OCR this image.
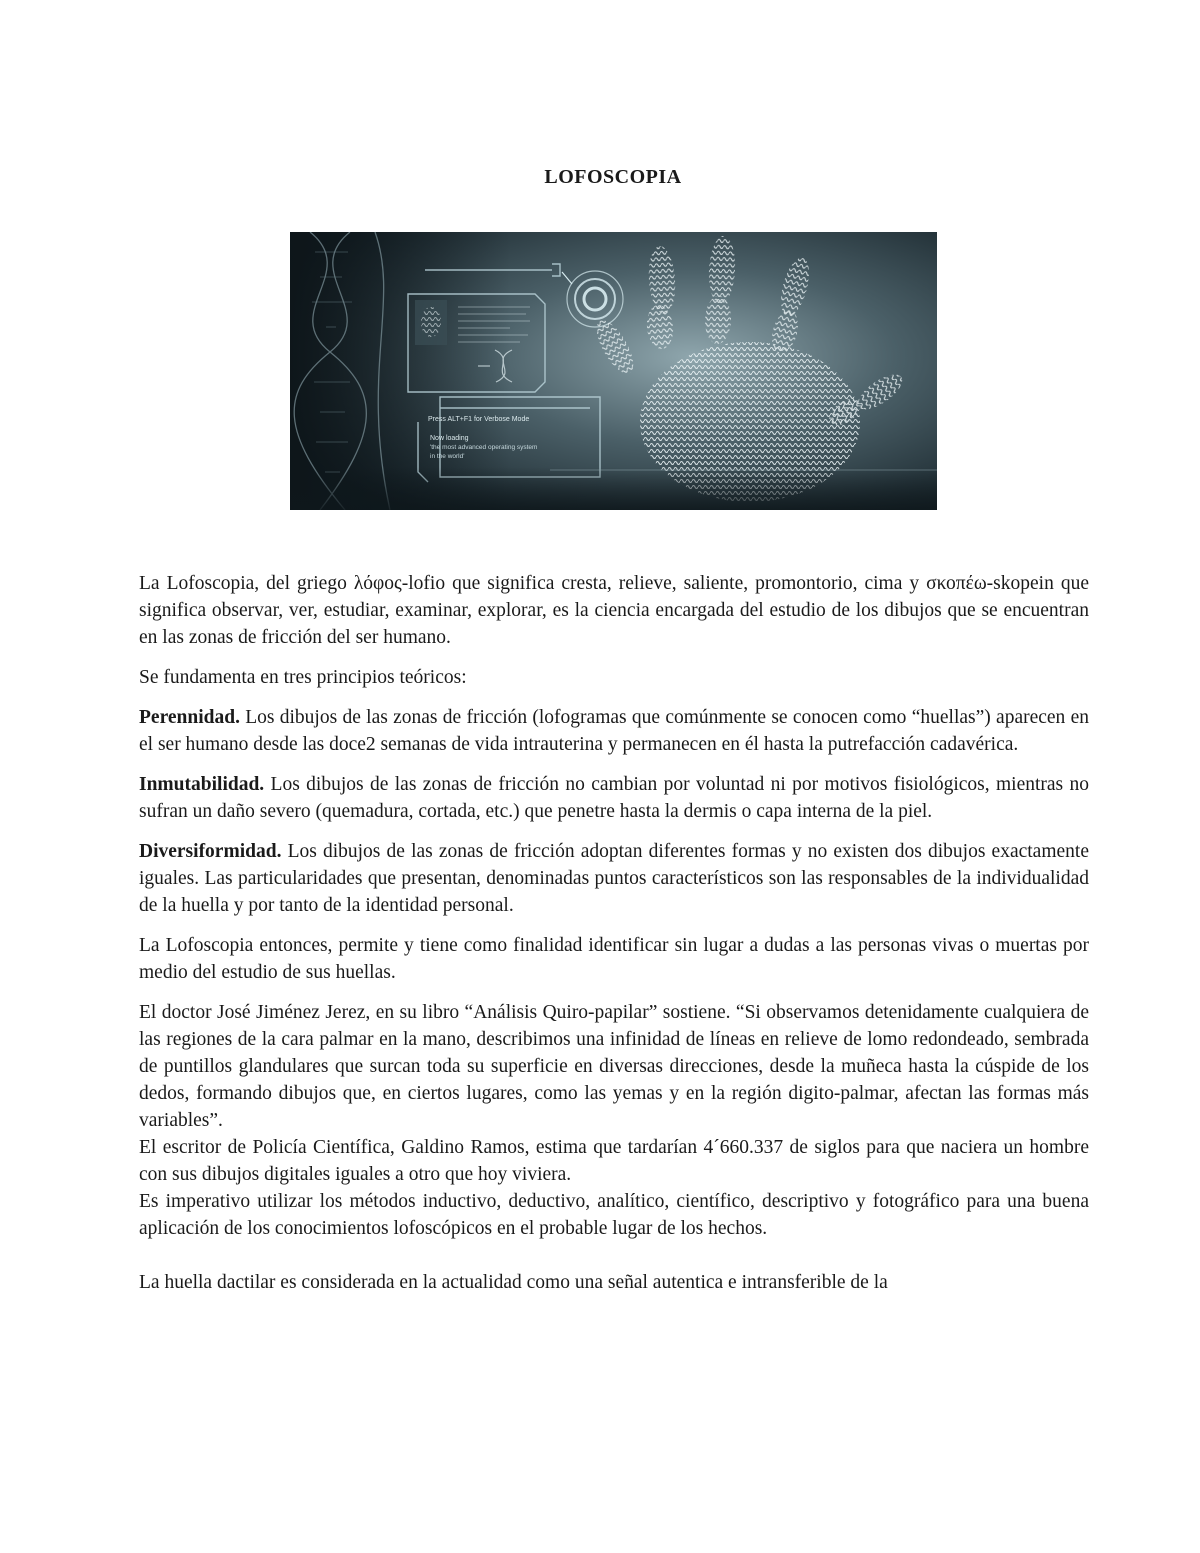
LOFOSCOPIA
Press ALT+F1 for Verbose Mode
Now loading
'the most advanced operating system
in the world'

La Lofoscopia, del griego λόφος-lofio que significa cresta, relieve, saliente, promontorio, cima y σκοπέω-skopein que significa observar, ver, estudiar, examinar, explorar, es la ciencia encargada del estudio de los dibujos que se encuentran en las zonas de fricción del ser humano.

Se fundamenta en tres principios teóricos:

Perennidad. Los dibujos de las zonas de fricción (lofogramas que comúnmente se conocen como “huellas”) aparecen en el ser humano desde las doce2 semanas de vida intrauterina y permanecen en él hasta la putrefacción cadavérica.

Inmutabilidad. Los dibujos de las zonas de fricción no cambian por voluntad ni por motivos fisiológicos, mientras no sufran un daño severo (quemadura, cortada, etc.) que penetre hasta la dermis o capa interna de la piel.

Diversiformidad. Los dibujos de las zonas de fricción adoptan diferentes formas y no existen dos dibujos exactamente iguales. Las particularidades que presentan, denominadas puntos característicos son las responsables de la individualidad de la huella y por tanto de la identidad personal.

La Lofoscopia entonces, permite y tiene como finalidad identificar sin lugar a dudas a las personas vivas o muertas por medio del estudio de sus huellas.

El doctor José Jiménez Jerez, en su libro “Análisis Quiro-papilar” sostiene. “Si observamos detenidamente cualquiera de las regiones de la cara palmar en la mano, describimos una infinidad de líneas en relieve de lomo redondeado, sembrada de puntillos glandulares que surcan toda su superficie en diversas direcciones, desde la muñeca hasta la cúspide de los dedos, formando dibujos que, en ciertos lugares, como las yemas y en la región digito-palmar, afectan las formas más variables”.

El escritor de Policía Científica, Galdino Ramos, estima que tardarían 4´660.337 de siglos para que naciera un hombre con sus dibujos digitales iguales a otro que hoy viviera.

Es imperativo utilizar los métodos inductivo, deductivo, analítico, científico, descriptivo y fotográfico para una buena aplicación de los conocimientos lofoscópicos en el probable lugar de los hechos.

La huella dactilar es considerada en la actualidad como una señal autentica e intransferible de la
